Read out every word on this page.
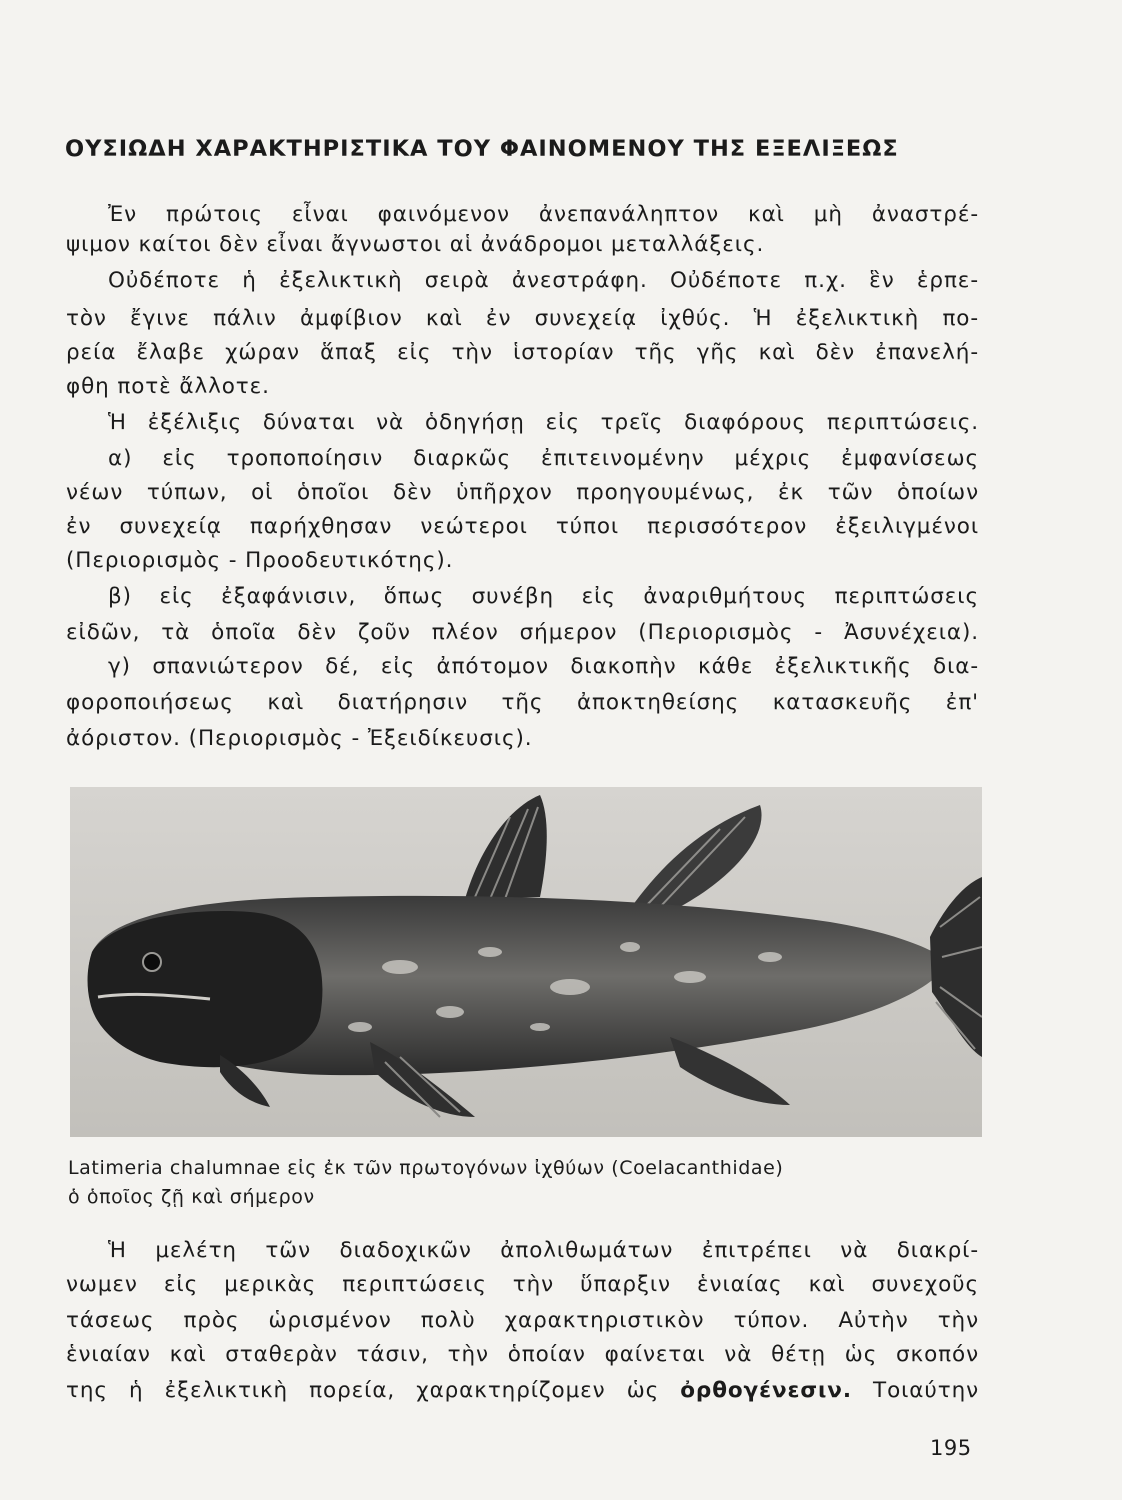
ΟΥΣΙΩΔΗ ΧΑΡΑΚΤΗΡΙΣΤΙΚΑ ΤΟΥ ΦΑΙΝΟΜΕΝΟΥ ΤΗΣ ΕΞΕΛΙΞΕΩΣ
Ἐν πρώτοις εἶναι φαινόμενον ἀνεπανάληπτον καὶ μὴ ἀναστρέ-
ψιμον καίτοι δὲν εἶναι ἄγνωστοι αἱ ἀνάδρομοι μεταλλάξεις.
Οὐδέποτε ἡ ἐξελικτικὴ σειρὰ ἀνεστράφη. Οὐδέποτε π.χ. ἓν ἑρπε-
τὸν ἔγινε πάλιν ἀμφίβιον καὶ ἐν συνεχείᾳ ἰχθύς. Ἡ ἐξελικτικὴ πο-
ρεία ἔλαβε χώραν ἅπαξ εἰς τὴν ἱστορίαν τῆς γῆς καὶ δὲν ἐπανελή-
φθη ποτὲ ἄλλοτε.
Ἡ ἐξέλιξις δύναται νὰ ὁδηγήσῃ εἰς τρεῖς διαφόρους περιπτώσεις.
α) εἰς τροποποίησιν διαρκῶς ἐπιτεινομένην μέχρις ἐμφανίσεως
νέων τύπων, οἱ ὁποῖοι δὲν ὑπῆρχον προηγουμένως, ἐκ τῶν ὁποίων
ἐν συνεχείᾳ παρήχθησαν νεώτεροι τύποι περισσότερον ἐξειλιγμένοι
(Περιορισμὸς - Προοδευτικότης).
β) εἰς ἐξαφάνισιν, ὅπως συνέβη εἰς ἀναριθμήτους περιπτώσεις
εἰδῶν, τὰ ὁποῖα δὲν ζοῦν πλέον σήμερον (Περιορισμὸς - Ἀσυνέχεια).
γ) σπανιώτερον δέ, εἰς ἀπότομον διακοπὴν κάθε ἐξελικτικῆς δια-
φοροποιήσεως καὶ διατήρησιν τῆς ἀποκτηθείσης κατασκευῆς ἐπ'
ἀόριστον. (Περιορισμὸς - Ἐξειδίκευσις).
Latimeria chalumnae εἰς ἐκ τῶν πρωτογόνων ἰχθύων (Coelacanthidae)
ὁ ὁποῖος ζῇ καὶ σήμερον
Ἡ μελέτη τῶν διαδοχικῶν ἀπολιθωμάτων ἐπιτρέπει νὰ διακρί-
νωμεν εἰς μερικὰς περιπτώσεις τὴν ὕπαρξιν ἑνιαίας καὶ συνεχοῦς
τάσεως πρὸς ὡρισμένον πολὺ χαρακτηριστικὸν τύπον. Αὐτὴν τὴν
ἑνιαίαν καὶ σταθερὰν τάσιν, τὴν ὁποίαν φαίνεται νὰ θέτῃ ὡς σκοπόν
της ἡ ἐξελικτικὴ πορεία, χαρακτηρίζομεν ὡς ὀρθογένεσιν. Τοιαύτην
195
